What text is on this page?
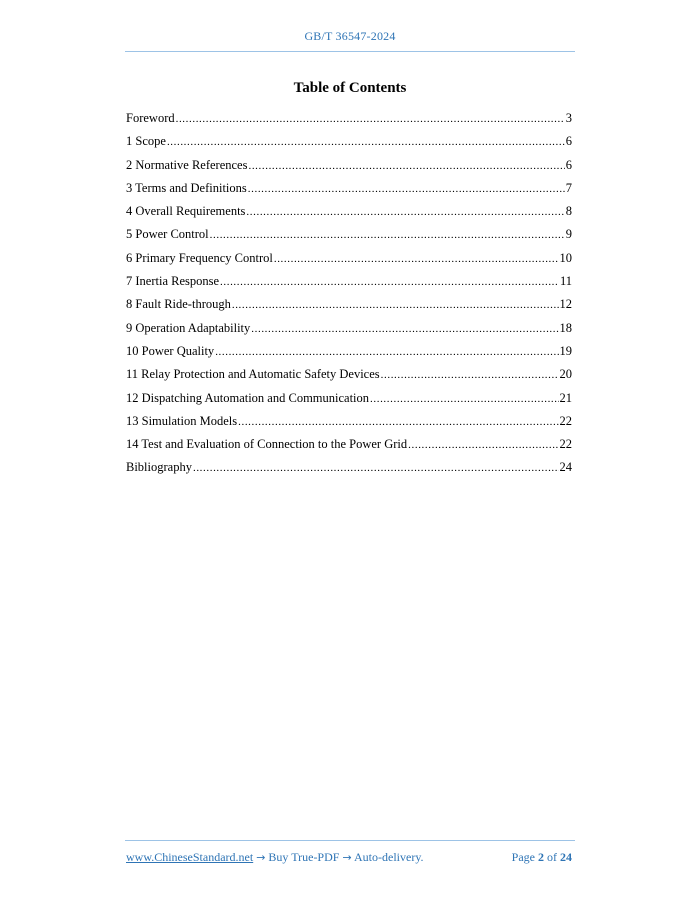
GB/T 36547-2024
Table of Contents
Foreword .....	3
1 Scope .....	6
2 Normative References .....	6
3 Terms and Definitions .....	7
4 Overall Requirements .....	8
5 Power Control .....	9
6 Primary Frequency Control .....	10
7 Inertia Response .....	11
8 Fault Ride-through .....	12
9 Operation Adaptability .....	18
10 Power Quality .....	19
11 Relay Protection and Automatic Safety Devices .....	20
12 Dispatching Automation and Communication .....	21
13 Simulation Models .....	22
14 Test and Evaluation of Connection to the Power Grid .....	22
Bibliography .....	24
www.ChineseStandard.net → Buy True-PDF → Auto-delivery.	Page 2 of 24
